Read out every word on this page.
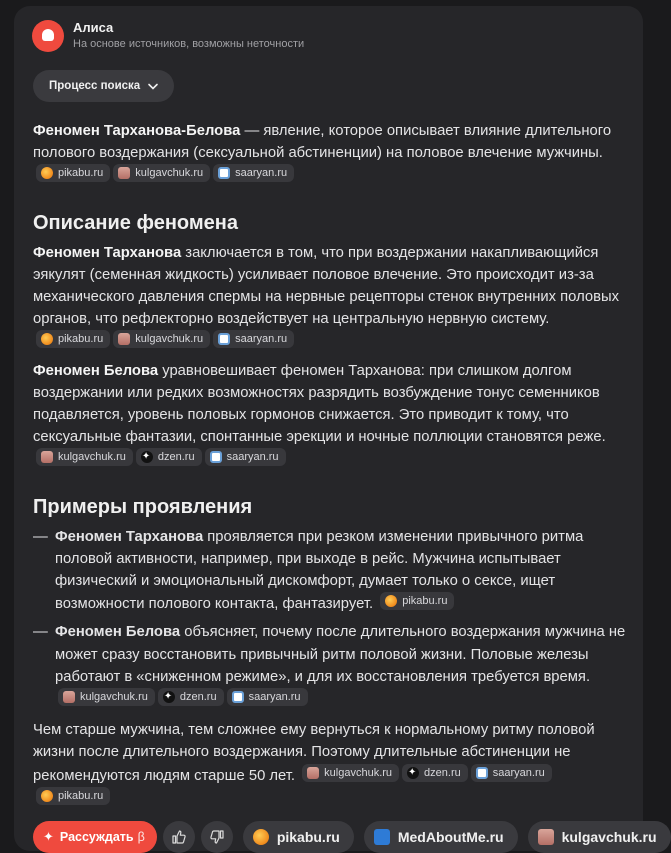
Алиса
На основе источников, возможны неточности
Процесс поиска

Феномен Тарханова-Белова — явление, которое описывает влияние длительного полового воздержания (сексуальной абстиненции) на половое влечение мужчины.
pikabu.ru	kulgavchuk.ru	saaryan.ru

Описание феномена

Феномен Тарханова заключается в том, что при воздержании накапливающийся эякулят (семенная жидкость) усиливает половое влечение. Это происходит из-за механического давления спермы на нервные рецепторы стенок внутренних половых органов, что рефлекторно воздействует на центральную нервную систему.
pikabu.ru	kulgavchuk.ru	saaryan.ru

Феномен Белова уравновешивает феномен Тарханова: при слишком долгом воздержании или редких возможностях разрядить возбуждение тонус семенников подавляется, уровень половых гормонов снижается. Это приводит к тому, что сексуальные фантазии, спонтанные эрекции и ночные поллюции становятся реже.
kulgavchuk.ru ✦	dzen.ru	saaryan.ru

Примеры проявления
— Феномен Тарханова проявляется при резком изменении привычного ритма половой активности, например, при выходе в рейс. Мужчина испытывает физический и эмоциональный дискомфорт, думает только о сексе, ищет возможности полового контакта, фантазирует.	pikabu.ru
— Феномен Белова объясняет, почему после длительного воздержания мужчина не может сразу восстановить привычный ритм половой жизни. Половые железы работают в «сниженном режиме», и для их восстановления требуется время.
kulgavchuk.ru ✦	dzen.ru	saaryan.ru

Чем старше мужчина, тем сложнее ему вернуться к нормальному ритму половой жизни после длительного воздержания. Поэтому длительные абстиненции не рекомендуются людям старше 50 лет.	kulgavchuk.ru ✦	dzen.ru	saaryan.ru
pikabu.ru

✦ Рассуждать β	pikabu.ru	MedAboutMe.ru	kulgavchuk.ru
